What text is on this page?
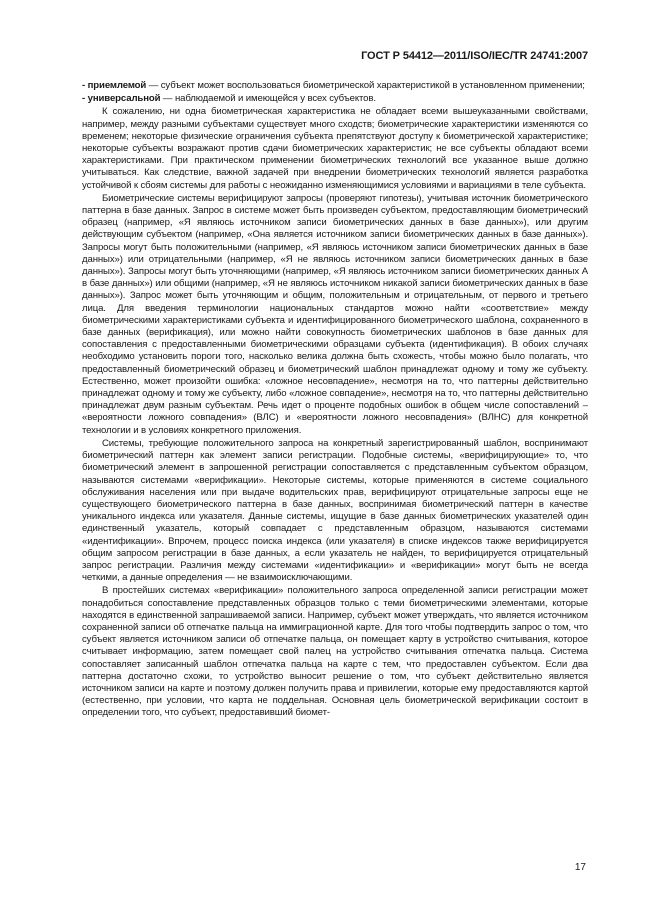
ГОСТ Р 54412—2011/ISO/IEC/TR 24741:2007

- приемлемой — субъект может воспользоваться биометрической характеристикой в установленном применении;

- универсальной — наблюдаемой и имеющейся у всех субъектов.

К сожалению, ни одна биометрическая характеристика не обладает всеми вышеуказанными свойствами, например, между разными субъектами существует много сходств; биометрические характеристики изменяются со временем; некоторые физические ограничения субъекта препятствуют доступу к биометрической характеристике; некоторые субъекты возражают против сдачи биометрических характеристик; не все субъекты обладают всеми характеристиками. При практическом применении биометрических технологий все указанное выше должно учитываться. Как следствие, важной задачей при внедрении биометрических технологий является разработка устойчивой к сбоям системы для работы с неожиданно изменяющимися условиями и вариациями в теле субъекта.

Биометрические системы верифицируют запросы (проверяют гипотезы), учитывая источник биометрического паттерна в базе данных. Запрос в системе может быть произведен субъектом, предоставляющим биометрический образец (например, «Я являюсь источником записи биометрических данных в базе данных»), или другим действующим субъектом (например, «Она является источником записи биометрических данных в базе данных»). Запросы могут быть положительными (например, «Я являюсь источником записи биометрических данных в базе данных») или отрицательными (например, «Я не являюсь источником записи биометрических данных в базе данных»). Запросы могут быть уточняющими (например, «Я являюсь источником записи биометрических данных A в базе данных») или общими (например, «Я не являюсь источником никакой записи биометрических данных в базе данных»). Запрос может быть уточняющим и общим, положительным и отрицательным, от первого и третьего лица. Для введения терминологии национальных стандартов можно найти «соответствие» между биометрическими характеристиками субъекта и идентифицированного биометрического шаблона, сохраненного в базе данных (верификация), или можно найти совокупность биометрических шаблонов в базе данных для сопоставления с предоставленными биометрическими образцами субъекта (идентификация). В обоих случаях необходимо установить пороги того, насколько велика должна быть схожесть, чтобы можно было полагать, что предоставленный биометрический образец и биометрический шаблон принадлежат одному и тому же субъекту. Естественно, может произойти ошибка: «ложное несовпадение», несмотря на то, что паттерны действительно принадлежат одному и тому же субъекту, либо «ложное совпадение», несмотря на то, что паттерны действительно принадлежат двум разным субъектам. Речь идет о проценте подобных ошибок в общем числе сопоставлений – «вероятности ложного совпадения» (ВЛС) и «вероятности ложного несовпадения» (ВЛНС) для конкретной технологии и в условиях конкретного приложения.

Системы, требующие положительного запроса на конкретный зарегистрированный шаблон, воспринимают биометрический паттерн как элемент записи регистрации. Подобные системы, «верифицирующие» то, что биометрический элемент в запрошенной регистрации сопоставляется с представленным субъектом образцом, называются системами «верификации». Некоторые системы, которые применяются в системе социального обслуживания населения или при выдаче водительских прав, верифицируют отрицательные запросы еще не существующего биометрического паттерна в базе данных, воспринимая биометрический паттерн в качестве уникального индекса или указателя. Данные системы, ищущие в базе данных биометрических указателей один единственный указатель, который совпадает с представленным образцом, называются системами «идентификации». Впрочем, процесс поиска индекса (или указателя) в списке индексов также верифицируется общим запросом регистрации в базе данных, а если указатель не найден, то верифицируется отрицательный запрос регистрации. Различия между системами «идентификации» и «верификации» могут быть не всегда четкими, а данные определения — не взаимоисключающими.

В простейших системах «верификации» положительного запроса определенной записи регистрации может понадобиться сопоставление представленных образцов только с теми биометрическими элементами, которые находятся в единственной запрашиваемой записи. Например, субъект может утверждать, что является источником сохраненной записи об отпечатке пальца на иммиграционной карте. Для того чтобы подтвердить запрос о том, что субъект является источником записи об отпечатке пальца, он помещает карту в устройство считывания, которое считывает информацию, затем помещает свой палец на устройство считывания отпечатка пальца. Система сопоставляет записанный шаблон отпечатка пальца на карте с тем, что предоставлен субъектом. Если два паттерна достаточно схожи, то устройство выносит решение о том, что субъект действительно является источником записи на карте и поэтому должен получить права и привилегии, которые ему предоставляются картой (естественно, при условии, что карта не поддельная. Основная цель биометрической верификации состоит в определении того, что субъект, предоставивший биомет-

17
